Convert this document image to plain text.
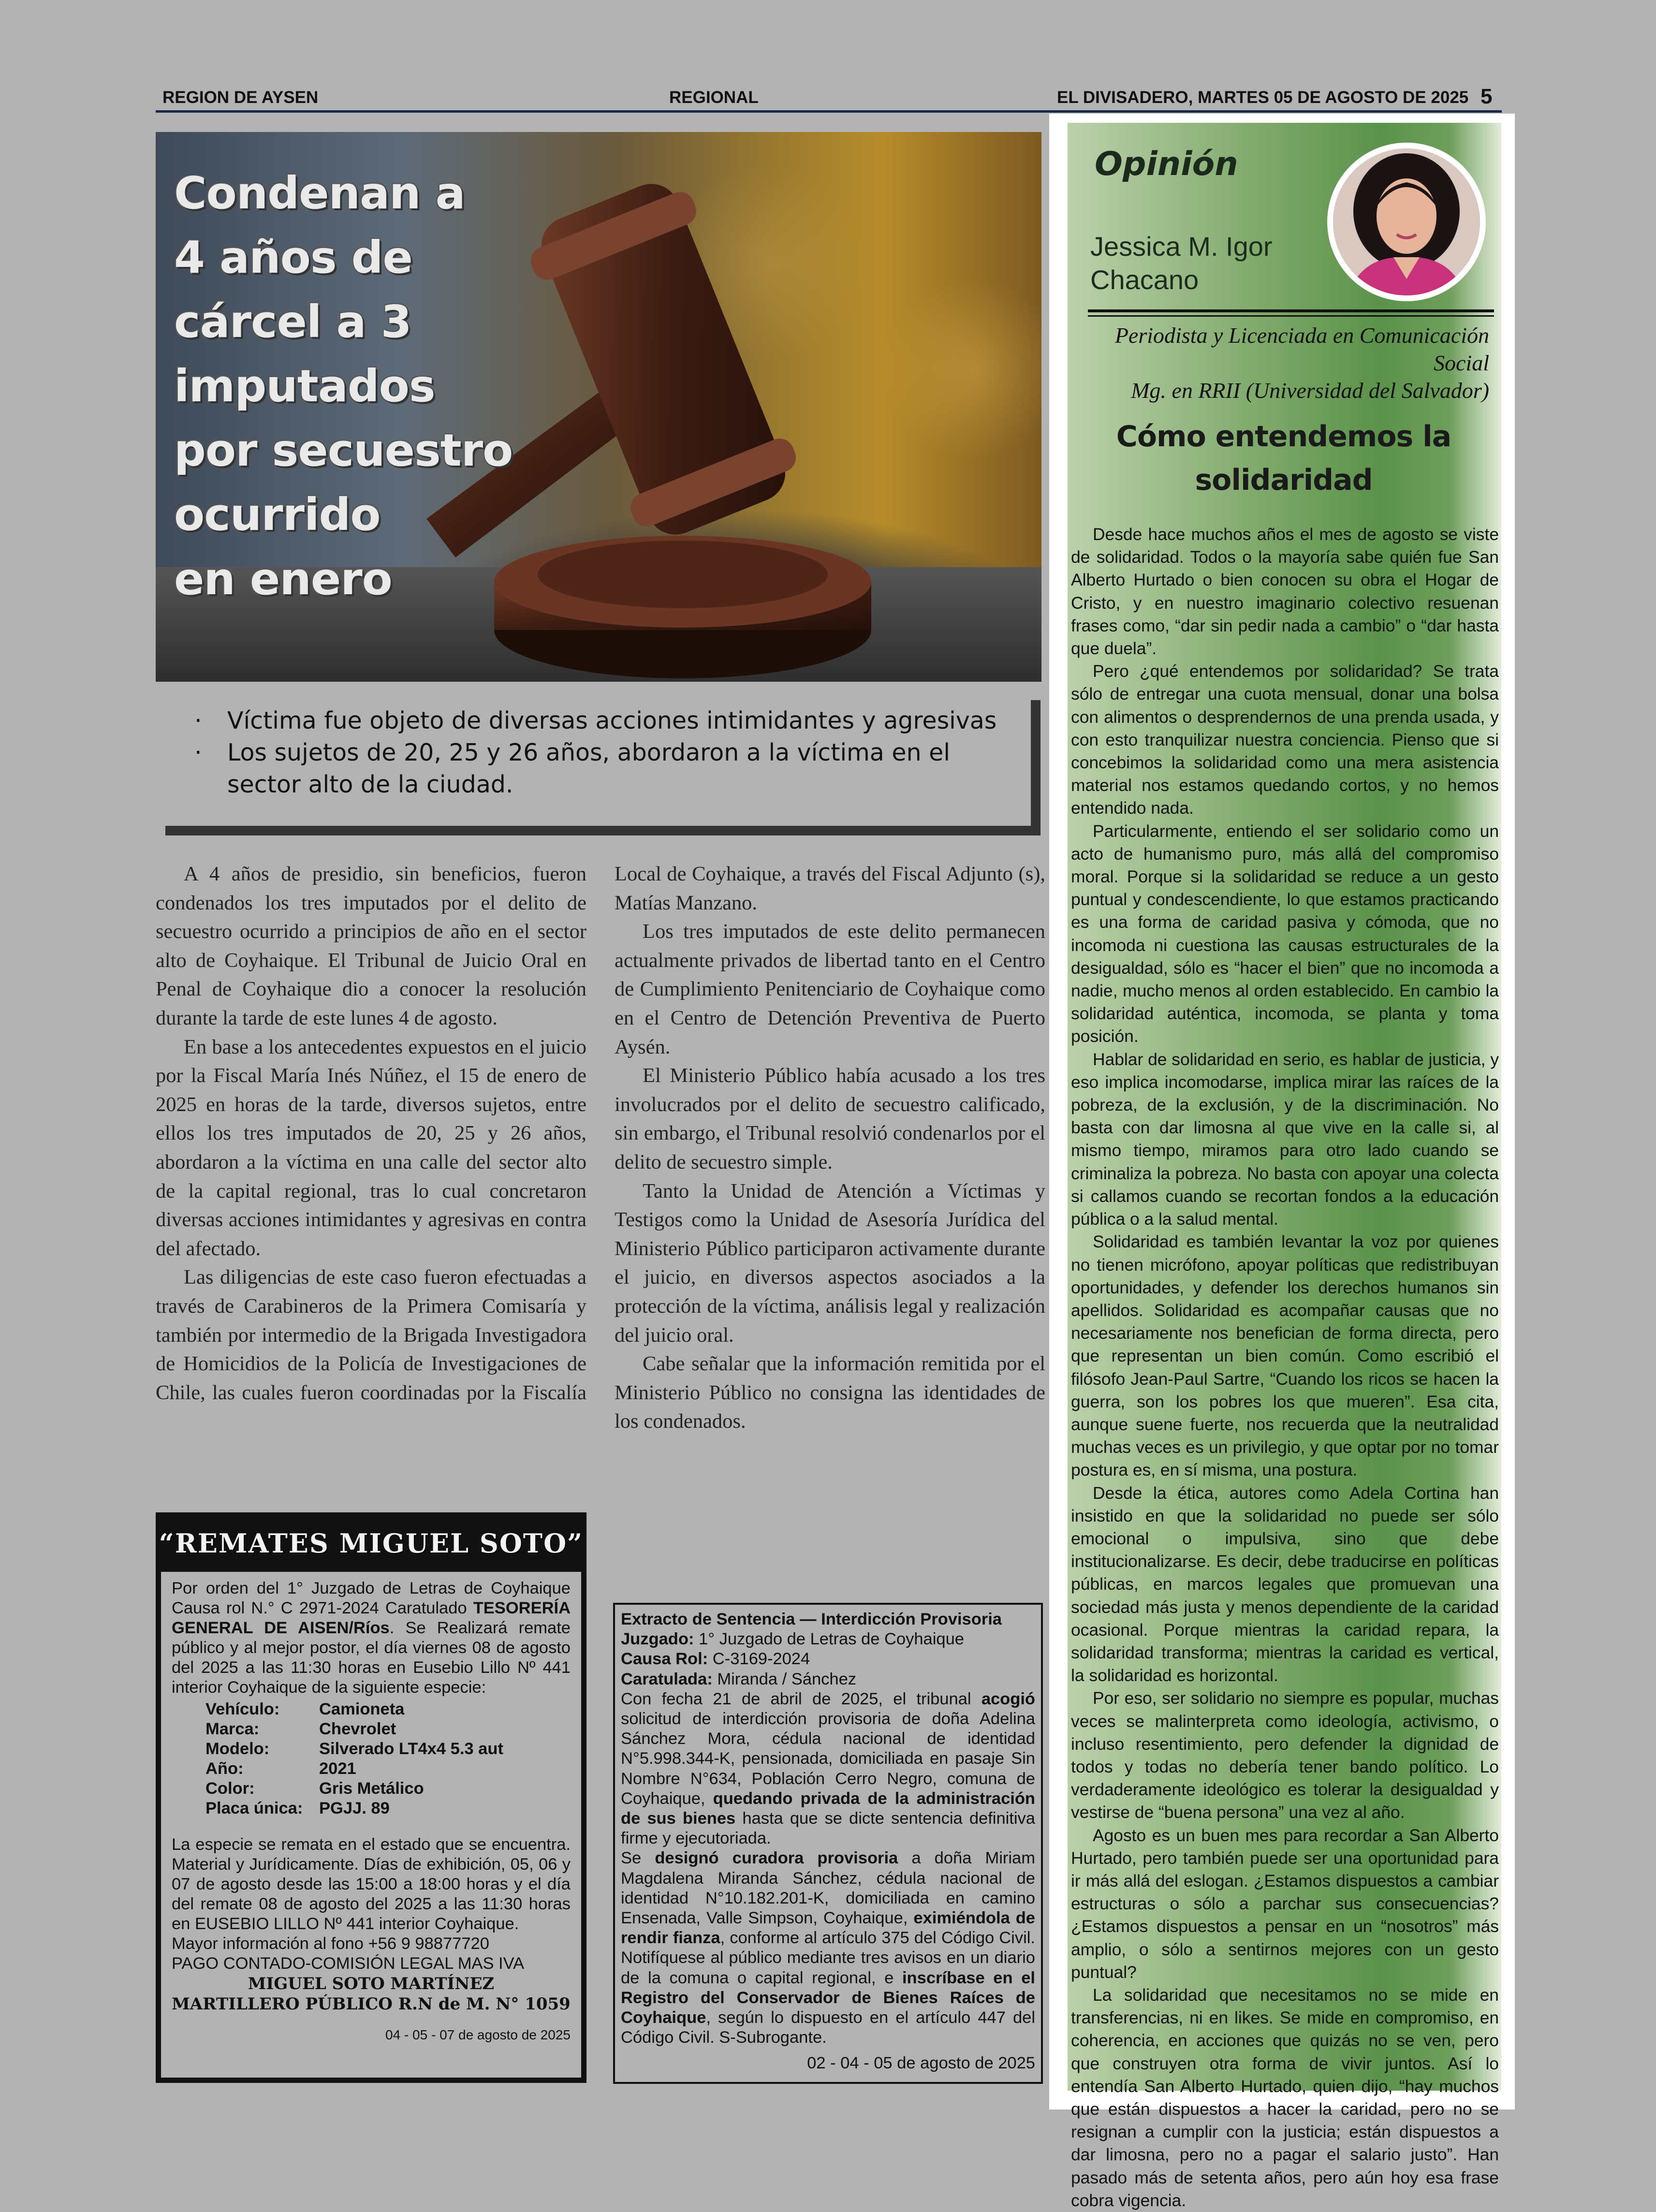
REGION DE AYSEN	REGIONAL	EL DIVISADERO, MARTES 05 DE AGOSTO DE 2025 5
Condenan a
4 años de
cárcel a 3
imputados
por secuestro
ocurrido
en enero
· Víctima fue objeto de diversas acciones intimidantes y agresivas
· Los sujetos de 20, 25 y 26 años, abordaron a la víctima en el sector alto de la ciudad.

A 4 años de presidio, sin beneficios, fueron condenados los tres imputados por el delito de secuestro ocurrido a principios de año en el sector alto de Coyhaique. El Tribunal de Juicio Oral en Penal de Coyhaique dio a conocer la resolución durante la tarde de este lunes 4 de agosto.

En base a los antecedentes expuestos en el juicio por la Fiscal María Inés Núñez, el 15 de enero de 2025 en horas de la tarde, diversos sujetos, entre ellos los tres imputados de 20, 25 y 26 años, abordaron a la víctima en una calle del sector alto de la capital regional, tras lo cual concretaron diversas acciones intimidantes y agresivas en contra del afectado.

Las diligencias de este caso fueron efectuadas a través de Carabineros de la Primera Comisaría y también por intermedio de la Brigada Investigadora de Homicidios de la Policía de Investigaciones de Chile, las cuales fueron coordinadas por la Fiscalía Local de Coyhaique, a través del Fiscal Adjunto (s), Matías Manzano.

Los tres imputados de este delito permanecen actualmente privados de libertad tanto en el Centro de Cumplimiento Penitenciario de Coyhaique como en el Centro de Detención Preventiva de Puerto Aysén.

El Ministerio Público había acusado a los tres involucrados por el delito de secuestro calificado, sin embargo, el Tribunal resolvió condenarlos por el delito de secuestro simple.

Tanto la Unidad de Atención a Víctimas y Testigos como la Unidad de Asesoría Jurídica del Ministerio Público participaron activamente durante el juicio, en diversos aspectos asociados a la protección de la víctima, análisis legal y realización del juicio oral.

Cabe señalar que la información remitida por el Ministerio Público no consigna las identidades de los condenados.

“REMATES MIGUEL SOTO”

Por orden del 1° Juzgado de Letras de Coyhaique Causa rol N.° C 2971-2024 Caratulado TESORERÍA GENERAL DE AISEN/Ríos. Se Realizará remate público y al mejor postor, el día viernes 08 de agosto del 2025 a las 11:30 horas en Eusebio Lillo Nº 441 interior Coyhaique de la siguiente especie:

Vehículo:	Camioneta
Marca:	Chevrolet
Modelo:	Silverado LT4x4 5.3 aut
Año:	2021
Color:	Gris Metálico
Placa única: PGJJ. 89

La especie se remata en el estado que se encuentra. Material y Jurídicamente. Días de exhibición, 05, 06 y 07 de agosto desde las 15:00 a 18:00 horas y el día del remate 08 de agosto del 2025 a las 11:30 horas en EUSEBIO LILLO Nº 441 interior Coyhaique.

Mayor información al fono +56 9 98877720

PAGO CONTADO-COMISIÓN LEGAL MAS IVA

MIGUEL SOTO MARTÍNEZ
MARTILLERO PÚBLICO R.N de M. N° 1059
04 - 05 - 07 de agosto de 2025

Extracto de Sentencia — Interdicción Provisoria

Juzgado: 1° Juzgado de Letras de Coyhaique

Causa Rol: C-3169-2024

Caratulada: Miranda / Sánchez

Con fecha 21 de abril de 2025, el tribunal acogió solicitud de interdicción provisoria de doña Adelina Sánchez Mora, cédula nacional de identidad N°5.998.344-K, pensionada, domiciliada en pasaje Sin Nombre N°634, Población Cerro Negro, comuna de Coyhaique, quedando privada de la administración de sus bienes hasta que se dicte sentencia definitiva firme y ejecutoriada.

Se designó curadora provisoria a doña Miriam Magdalena Miranda Sánchez, cédula nacional de identidad N°10.182.201-K, domiciliada en camino Ensenada, Valle Simpson, Coyhaique, eximiéndola de rendir fianza, conforme al artículo 375 del Código Civil. Notifíquese al público mediante tres avisos en un diario de la comuna o capital regional, e inscríbase en el Registro del Conservador de Bienes Raíces de Coyhaique, según lo dispuesto en el artículo 447 del Código Civil. S-Subrogante.

02 - 04 - 05 de agosto de 2025
Opinión
Jessica M. Igor
Chacano
Periodista y Licenciada en Comunicación Social
Mg. en RRII (Universidad del Salvador)
Cómo entendemos la
solidaridad

Desde hace muchos años el mes de agosto se viste de solidaridad. Todos o la mayoría sabe quién fue San Alberto Hurtado o bien conocen su obra el Hogar de Cristo, y en nuestro imaginario colectivo resuenan frases como, “dar sin pedir nada a cambio” o “dar hasta que duela”.

Pero ¿qué entendemos por solidaridad? Se trata sólo de entregar una cuota mensual, donar una bolsa con alimentos o desprendernos de una prenda usada, y con esto tranquilizar nuestra conciencia. Pienso que si concebimos la solidaridad como una mera asistencia material nos estamos quedando cortos, y no hemos entendido nada.

Particularmente, entiendo el ser solidario como un acto de humanismo puro, más allá del compromiso moral. Porque si la solidaridad se reduce a un gesto puntual y condescendiente, lo que estamos practicando es una forma de caridad pasiva y cómoda, que no incomoda ni cuestiona las causas estructurales de la desigualdad, sólo es “hacer el bien” que no incomoda a nadie, mucho menos al orden establecido. En cambio la solidaridad auténtica, incomoda, se planta y toma posición.

Hablar de solidaridad en serio, es hablar de justicia, y eso implica incomodarse, implica mirar las raíces de la pobreza, de la exclusión, y de la discriminación. No basta con dar limosna al que vive en la calle si, al mismo tiempo, miramos para otro lado cuando se criminaliza la pobreza. No basta con apoyar una colecta si callamos cuando se recortan fondos a la educación pública o a la salud mental.

Solidaridad es también levantar la voz por quienes no tienen micrófono, apoyar políticas que redistribuyan oportunidades, y defender los derechos humanos sin apellidos. Solidaridad es acompañar causas que no necesariamente nos benefician de forma directa, pero que representan un bien común. Como escribió el filósofo Jean-Paul Sartre, “Cuando los ricos se hacen la guerra, son los pobres los que mueren”. Esa cita, aunque suene fuerte, nos recuerda que la neutralidad muchas veces es un privilegio, y que optar por no tomar postura es, en sí misma, una postura.

Desde la ética, autores como Adela Cortina han insistido en que la solidaridad no puede ser sólo emocional o impulsiva, sino que debe institucionalizarse. Es decir, debe traducirse en políticas públicas, en marcos legales que promuevan una sociedad más justa y menos dependiente de la caridad ocasional. Porque mientras la caridad repara, la solidaridad transforma; mientras la caridad es vertical, la solidaridad es horizontal.

Por eso, ser solidario no siempre es popular, muchas veces se malinterpreta como ideología, activismo, o incluso resentimiento, pero defender la dignidad de todos y todas no debería tener bando político. Lo verdaderamente ideológico es tolerar la desigualdad y vestirse de “buena persona” una vez al año.

Agosto es un buen mes para recordar a San Alberto Hurtado, pero también puede ser una oportunidad para ir más allá del eslogan. ¿Estamos dispuestos a cambiar estructuras o sólo a parchar sus consecuencias? ¿Estamos dispuestos a pensar en un “nosotros” más amplio, o sólo a sentirnos mejores con un gesto puntual?

La solidaridad que necesitamos no se mide en transferencias, ni en likes. Se mide en compromiso, en coherencia, en acciones que quizás no se ven, pero que construyen otra forma de vivir juntos. Así lo entendía San Alberto Hurtado, quien dijo, “hay muchos que están dispuestos a hacer la caridad, pero no se resignan a cumplir con la justicia; están dispuestos a dar limosna, pero no a pagar el salario justo”. Han pasado más de setenta años, pero aún hoy esa frase cobra vigencia.
